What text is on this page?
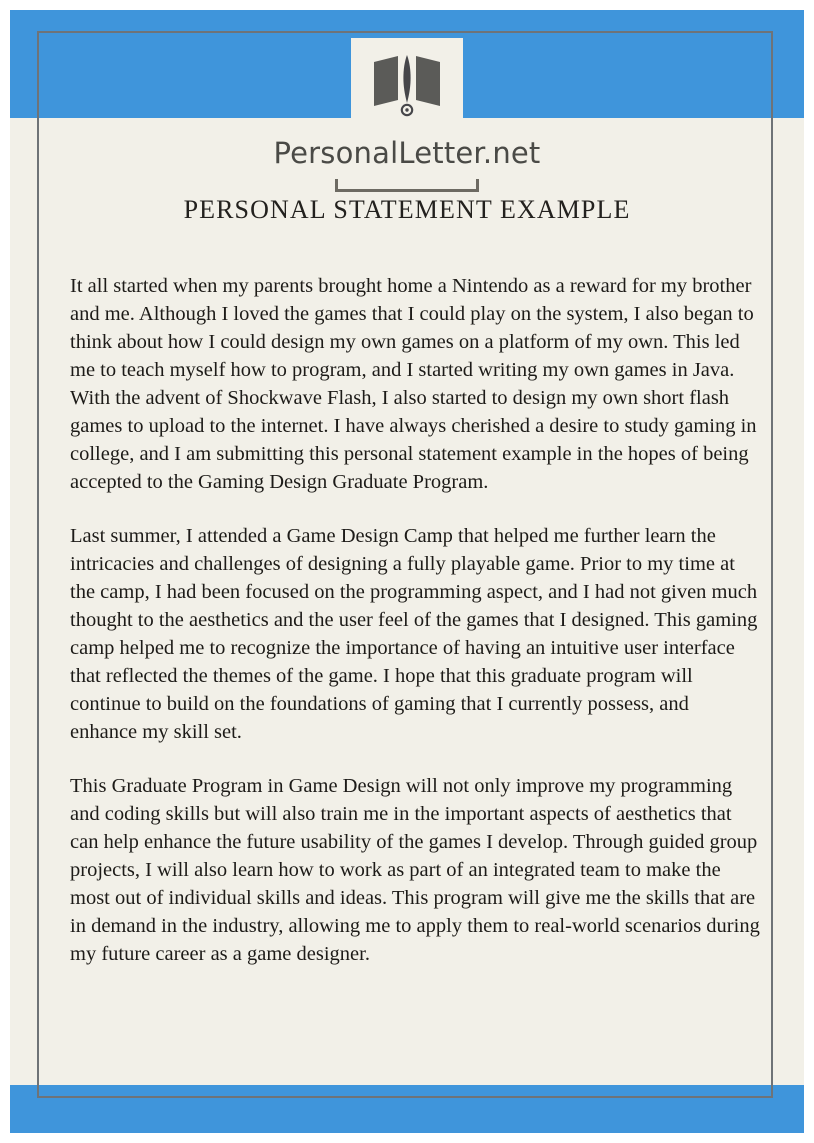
PersonalLetter.net
PERSONAL STATEMENT EXAMPLE

It all started when my parents brought home a Nintendo as a reward for my brother and me. Although I loved the games that I could play on the system, I also began to think about how I could design my own games on a platform of my own. This led me to teach myself how to program, and I started writing my own games in Java. With the advent of Shockwave Flash, I also started to design my own short flash games to upload to the internet. I have always cherished a desire to study gaming in college, and I am submitting this personal statement example in the hopes of being accepted to the Gaming Design Graduate Program.

Last summer, I attended a Game Design Camp that helped me further learn the intricacies and challenges of designing a fully playable game. Prior to my time at the camp, I had been focused on the programming aspect, and I had not given much thought to the aesthetics and the user feel of the games that I designed. This gaming camp helped me to recognize the importance of having an intuitive user interface that reflected the themes of the game. I hope that this graduate program will continue to build on the foundations of gaming that I currently possess, and enhance my skill set.

This Graduate Program in Game Design will not only improve my programming and coding skills but will also train me in the important aspects of aesthetics that can help enhance the future usability of the games I develop. Through guided group projects, I will also learn how to work as part of an integrated team to make the most out of individual skills and ideas. This program will give me the skills that are in demand in the industry, allowing me to apply them to real-world scenarios during my future career as a game designer.
